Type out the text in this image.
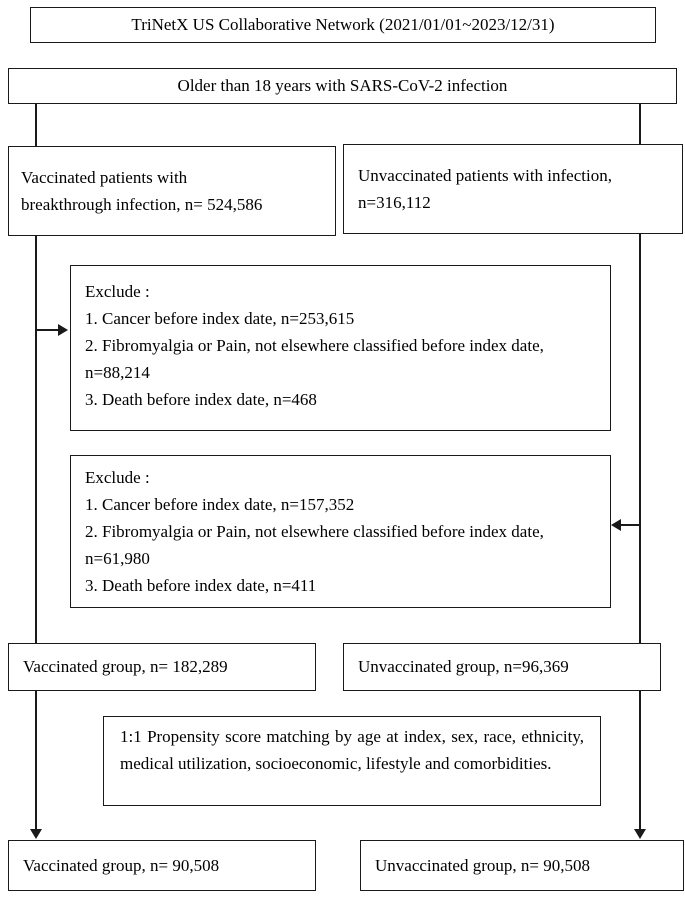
TriNetX US Collaborative Network (2021/01/01~2023/12/31)
Older than 18 years with SARS-CoV-2 infection
Vaccinated patients with breakthrough infection, n= 524,586
Unvaccinated patients with infection, n=316,112
Exclude :
1. Cancer before index date, n=253,615
2. Fibromyalgia or Pain, not elsewhere classified before index date, n=88,214
3. Death before index date, n=468
Exclude :
1. Cancer before index date, n=157,352
2. Fibromyalgia or Pain, not elsewhere classified before index date, n=61,980
3. Death before index date, n=411
Vaccinated group, n= 182,289	Unvaccinated group, n=96,369
1:1 Propensity score matching by age at index, sex, race, ethnicity, medical utilization, socioeconomic, lifestyle and comorbidities.
Vaccinated group, n= 90,508	Unvaccinated group, n= 90,508
